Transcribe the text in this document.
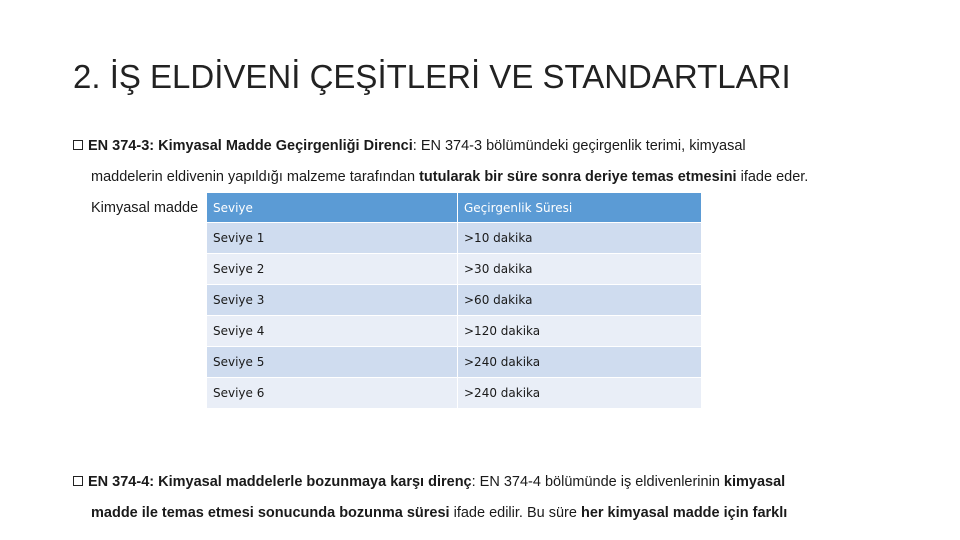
2. İŞ ELDİVENİ ÇEŞİTLERİ VE STANDARTLARI
EN 374-3: Kimyasal Madde Geçirgenliği Direnci: EN 374-3 bölümündeki geçirgenlik terimi, kimyasal
maddelerin eldivenin yapıldığı malzeme tarafından tutularak bir süre sonra deriye temas etmesini ifade eder.
Kimyasal madde	Seviye	Geçirgenlik Süresi
Seviye 1	>10 dakika
Seviye 2	>30 dakika
Seviye 3	>60 dakika
Seviye 4	>120 dakika
Seviye 5	>240 dakika
Seviye 6	>240 dakika
EN 374-4: Kimyasal maddelerle bozunmaya karşı direnç: EN 374-4 bölümünde iş eldivenlerinin kimyasal
madde ile temas etmesi sonucunda bozunma süresi ifade edilir. Bu süre her kimyasal madde için farklı
